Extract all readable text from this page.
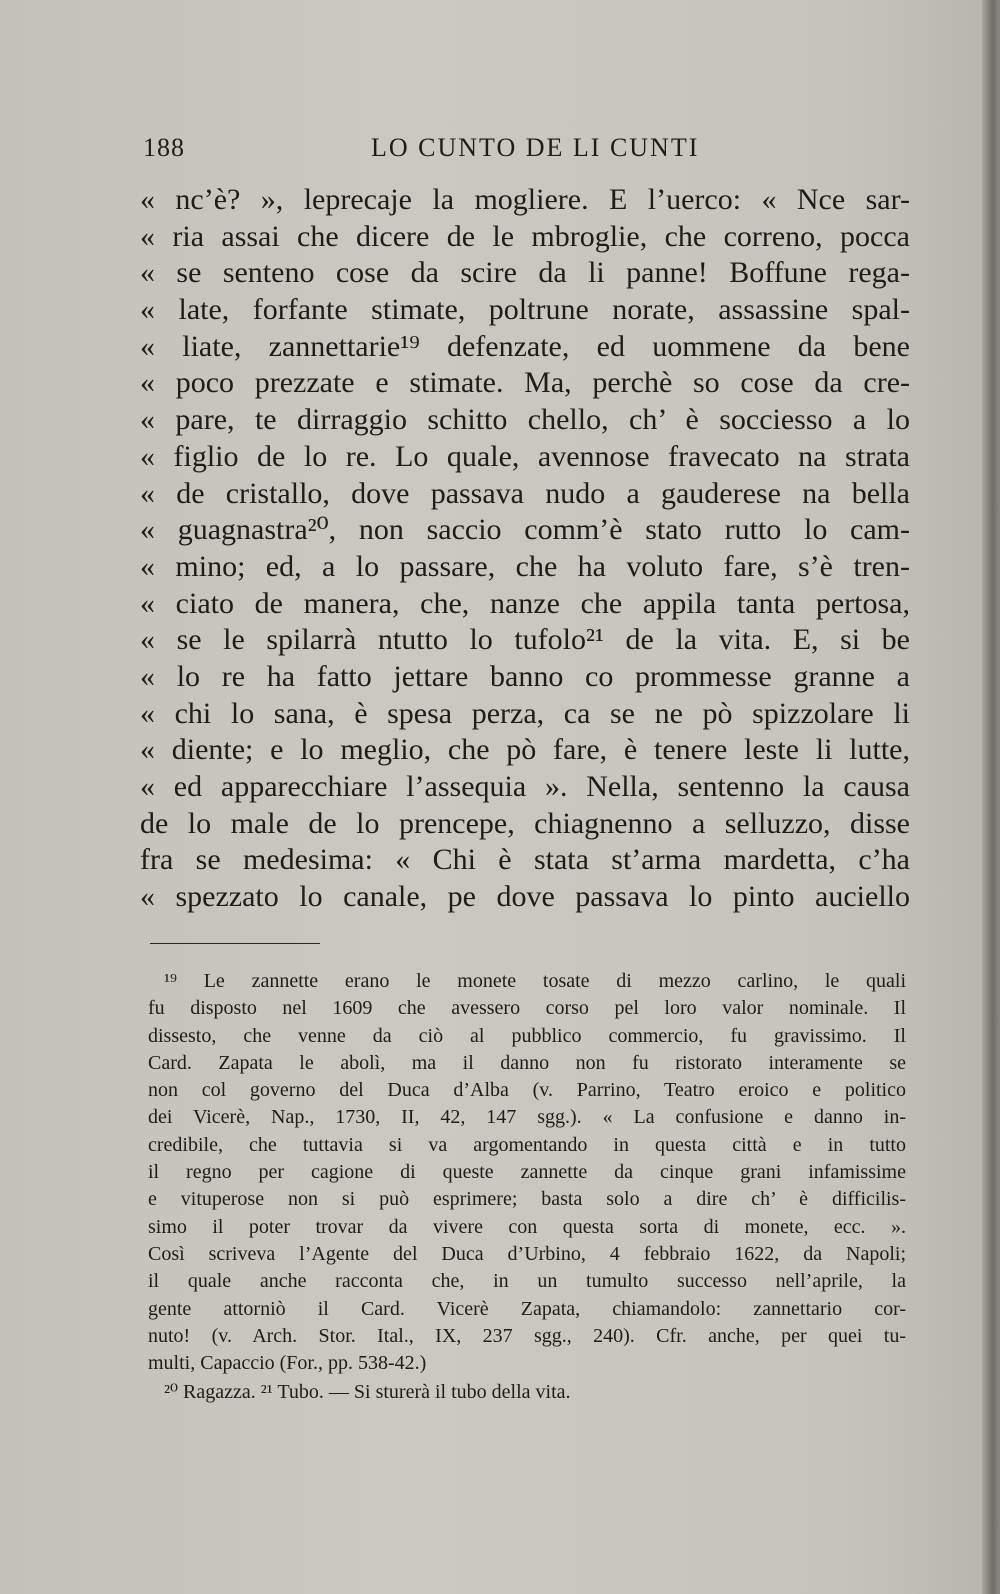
188	LO CUNTO DE LI CUNTI
« nc’è? », leprecaje la mogliere. E l’uerco: « Nce sar-
« ria assai che dicere de le mbroglie, che correno, pocca
« se senteno cose da scire da li panne! Boffune rega-
« late, forfante stimate, poltrune norate, assassine spal-
« liate, zannettarie¹⁹ defenzate, ed uommene da bene
« poco prezzate e stimate. Ma, perchè so cose da cre-
« pare, te dirraggio schitto chello, ch’ è socciesso a lo
« figlio de lo re. Lo quale, avennose fravecato na strata
« de cristallo, dove passava nudo a gauderese na bella
« guagnastra²⁰, non saccio comm’è stato rutto lo cam-
« mino; ed, a lo passare, che ha voluto fare, s’è tren-
« ciato de manera, che, nanze che appila tanta pertosa,
« se le spilarrà ntutto lo tufolo²¹ de la vita. E, si be
« lo re ha fatto jettare banno co prommesse granne a
« chi lo sana, è spesa perza, ca se ne pò spizzolare li
« diente; e lo meglio, che pò fare, è tenere leste li lutte,
« ed apparecchiare l’assequia ». Nella, sentenno la causa
de lo male de lo prencepe, chiagnenno a selluzzo, disse
fra se medesima: « Chi è stata st’arma mardetta, c’ha
« spezzato lo canale, pe dove passava lo pinto auciello
¹⁹ Le zannette erano le monete tosate di mezzo carlino, le quali
fu disposto nel 1609 che avessero corso pel loro valor nominale. Il
dissesto, che venne da ciò al pubblico commercio, fu gravissimo. Il
Card. Zapata le abolì, ma il danno non fu ristorato interamente se
non col governo del Duca d’Alba (v. Parrino, Teatro eroico e politico
dei Vicerè, Nap., 1730, II, 42, 147 sgg.). « La confusione e danno in-
credibile, che tuttavia si va argomentando in questa città e in tutto
il regno per cagione di queste zannette da cinque grani infamissime
e vituperose non si può esprimere; basta solo a dire ch’ è difficilis-
simo il poter trovar da vivere con questa sorta di monete, ecc. ».
Così scriveva l’Agente del Duca d’Urbino, 4 febbraio 1622, da Napoli;
il quale anche racconta che, in un tumulto successo nell’aprile, la
gente attorniò il Card. Vicerè Zapata, chiamandolo: zannettario cor-
nuto! (v. Arch. Stor. Ital., IX, 237 sgg., 240). Cfr. anche, per quei tu-
multi, Capaccio (For., pp. 538-42.)
²⁰ Ragazza. ²¹ Tubo. — Si sturerà il tubo della vita.
